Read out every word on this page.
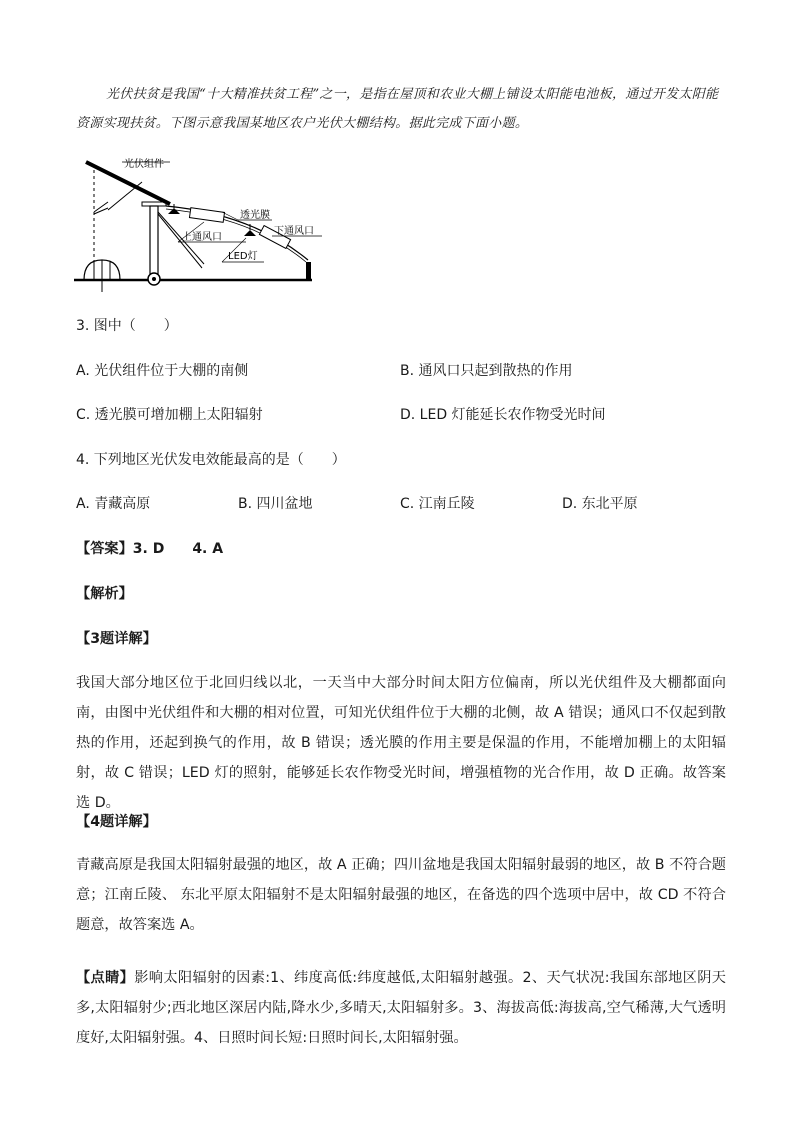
光伏扶贫是我国“十大精准扶贫工程”之一，是指在屋顶和农业大棚上铺设太阳能电池板，通过开发太阳能资源实现扶贫。下图示意我国某地区农户光伏大棚结构。据此完成下面小题。
光伏组件
透光膜
上通风口
下通风口
LED灯
3. 图中（　　）
A. 光伏组件位于大棚的南侧	B. 通风口只起到散热的作用
C. 透光膜可增加棚上太阳辐射	D. LED 灯能延长农作物受光时间
4. 下列地区光伏发电效能最高的是（　　）
A. 青藏高原	B. 四川盆地	C. 江南丘陵	D. 东北平原
【答案】3. D　　4. A
【解析】
【3题详解】
我国大部分地区位于北回归线以北，一天当中大部分时间太阳方位偏南，所以光伏组件及大棚都面向南，由图中光伏组件和大棚的相对位置，可知光伏组件位于大棚的北侧，故 A 错误；通风口不仅起到散热的作用，还起到换气的作用，故 B 错误；透光膜的作用主要是保温的作用，不能增加棚上的太阳辐射，故 C 错误；LED 灯的照射，能够延长农作物受光时间，增强植物的光合作用，故 D 正确。故答案选 D。
【4题详解】
青藏高原是我国太阳辐射最强的地区，故 A 正确；四川盆地是我国太阳辐射最弱的地区，故 B 不符合题意；江南丘陵、 东北平原太阳辐射不是太阳辐射最强的地区，在备选的四个选项中居中，故 CD 不符合题意，故答案选 A。
【点睛】影响太阳辐射的因素:1、纬度高低:纬度越低,太阳辐射越强。2、天气状况:我国东部地区阴天多,太阳辐射少;西北地区深居内陆,降水少,多晴天,太阳辐射多。3、海拔高低:海拔高,空气稀薄,大气透明度好,太阳辐射强。4、日照时间长短:日照时间长,太阳辐射强。
